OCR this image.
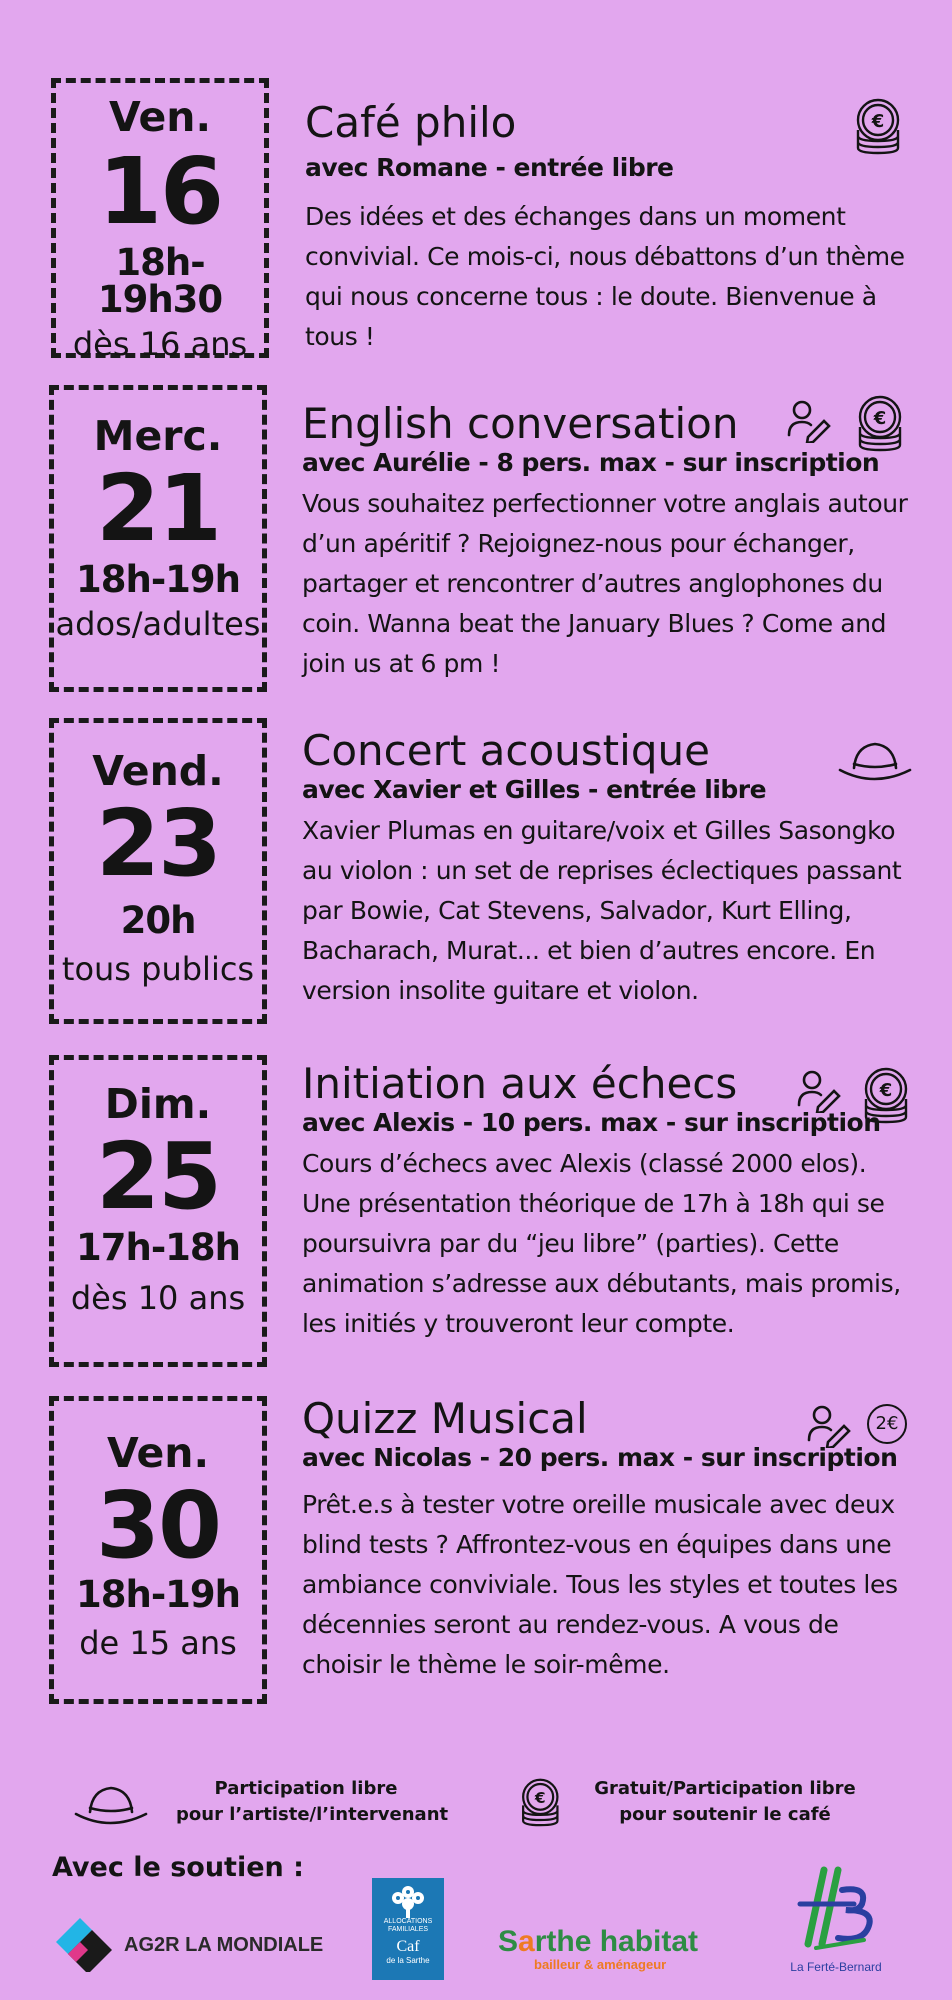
Ven.
16
18h-19h30
dès 16 ans
Café philo
avec Romane - entrée libre
Des idées et des échanges dans un moment convivial. Ce mois-ci, nous débattons d’un thème qui nous concerne tous : le doute. Bienvenue à tous !
€
Merc.
21
18h-19h
ados/adultes
English conversation
avec Aurélie - 8 pers. max - sur inscription
Vous souhaitez perfectionner votre anglais autour d’un apéritif ? Rejoignez-nous pour échanger, partager et rencontrer d’autres anglophones du coin. Wanna beat the January Blues ? Come and join us at 6 pm !
€
Vend.
23
20h
tous publics
Concert acoustique
avec Xavier et Gilles - entrée libre
Xavier Plumas en guitare/voix et Gilles Sasongko au violon : un set de reprises éclectiques passant par Bowie, Cat Stevens, Salvador, Kurt Elling, Bacharach, Murat... et bien d’autres encore. En version insolite guitare et violon.
Dim.
25
17h-18h
dès 10 ans
Initiation aux échecs
avec Alexis - 10 pers. max - sur inscription
Cours d’échecs avec Alexis (classé 2000 elos). Une présentation théorique de 17h à 18h qui se poursuivra par du “jeu libre” (parties). Cette animation s’adresse aux débutants, mais promis, les initiés y trouveront leur compte.
€
Ven.
30
18h-19h
de 15 ans
Quizz Musical
avec Nicolas - 20 pers. max - sur inscription
Prêt.e.s à tester votre oreille musicale avec deux blind tests ? Affrontez-vous en équipes dans une ambiance conviviale. Tous les styles et toutes les décennies seront au rendez-vous. A vous de choisir le thème le soir-même.
2€
Participation libre
pour l’artiste/l’intervenant
€	Gratuit/Participation libre
pour soutenir le café
Avec le soutien :
AG2R LA MONDIALE
ALLOCATIONS
FAMILIALES
Caf
de la Sarthe
Sarthe habitat
bailleur & aménageur	La Ferté-Bernard
